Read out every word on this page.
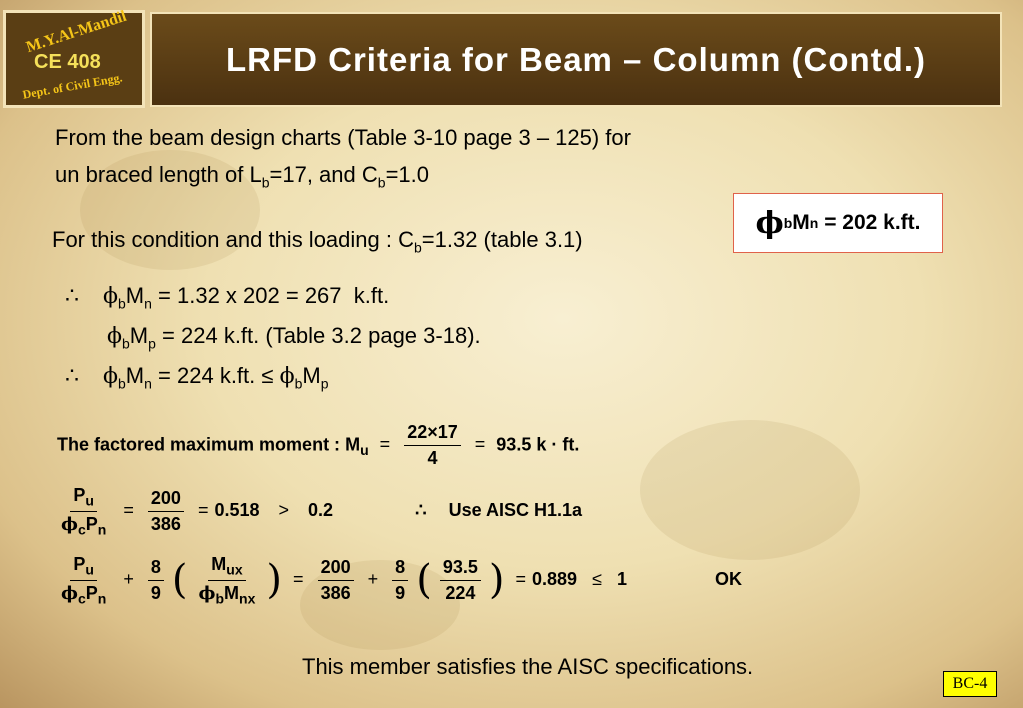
M.Y.Al-Mandil
CE 408
Dept. of Civil Engg.
LRFD Criteria for Beam – Column (Contd.)
From the beam design charts (Table 3-10 page 3 – 125) for
un braced length of $L_b=17$, and $C_b=1.0$
ϕ b M n = 202 k.ft.
For this condition and this loading : $C_b=1.32$ (table 3.1)
∴ $\phi_bM_n = 1.32$ x 202 = 267  k.ft.
$\phi_bM_p = 224$ k.ft. (Table 3.2 page 3-18).
∴ $\phi_bM_n = 224$ k.ft. ≤ $\phi_bM_p$
The factored maximum moment : $M_u = \frac{22\times 17}{4} = 93.5$ k · ft.
$\frac{P_u}{\phi_cP_n} = \frac{200}{386} = 0.518 > 0.2$	∴ Use AISC H1.1a
$\frac{P_u}{\phi_cP_n} + \frac{8}{9}$ ( $\frac{M_{ux}}{\phi_bM_{nx}}$ ) = $\frac{200}{386} + \frac{8}{9}$ ( $\frac{93.5}{224}$ ) = 0.889 ≤ 1	OK
This member satisfies the AISC specifications.
BC-4
